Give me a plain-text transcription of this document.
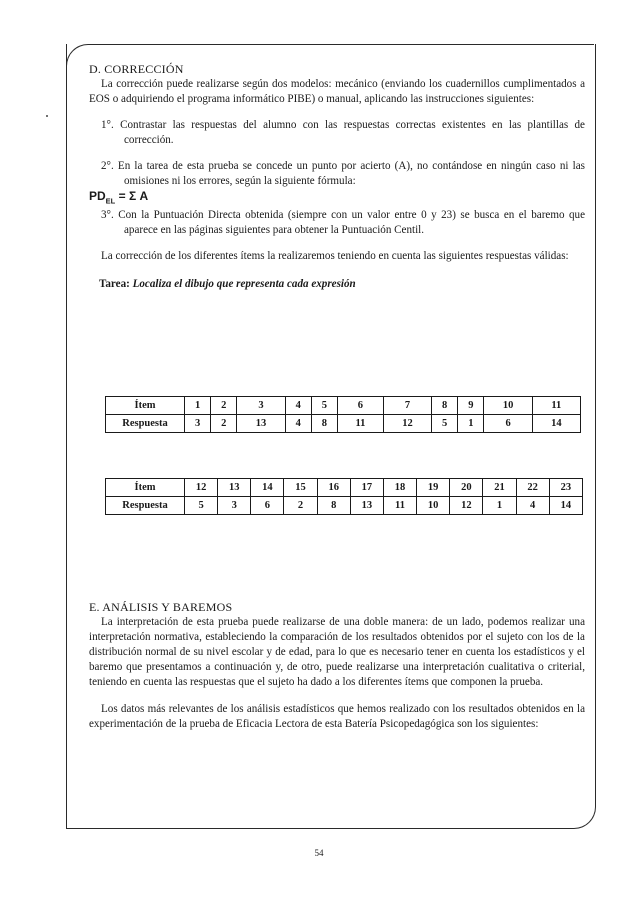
D. CORRECCIÓN

La corrección puede realizarse según dos modelos: mecánico (enviando los cuadernillos cumplimentados a EOS o adquiriendo el programa informático PIBE) o manual, aplicando las instrucciones siguientes:

1°. Contrastar las respuestas del alumno con las respuestas correctas existentes en las plantillas de corrección.

2°. En la tarea de esta prueba se concede un punto por acierto (A), no contándose en ningún caso ni las omisiones ni los errores, según la siguiente fórmula:

$PD_{EL} = \Sigma$ A

3°. Con la Puntuación Directa obtenida (siempre con un valor entre 0 y 23) se busca en el baremo que aparece en las páginas siguientes para obtener la Puntuación Centil.

La corrección de los diferentes ítems la realizaremos teniendo en cuenta las siguientes respuestas válidas:

Tarea: Localiza el dibujo que representa cada expresión

Ítem	1	2	3	4	5	6	7	8	9	10	11
Respuesta	3	2	13	4	8	11	12	5	1	6	14
Ítem	12	13	14	15	16	17	18	19	20	21	22	23
Respuesta	5	3	6	2	8	13	11	10	12	1	4	14

E. ANÁLISIS Y BAREMOS

La interpretación de esta prueba puede realizarse de una doble manera: de un lado, podemos realizar una interpretación normativa, estableciendo la comparación de los resultados obtenidos por el sujeto con los de la distribución normal de su nivel escolar y de edad, para lo que es necesario tener en cuenta los estadísticos y el baremo que presentamos a continuación y, de otro, puede realizarse una interpretación cualitativa o criterial, teniendo en cuenta las respuestas que el sujeto ha dado a los diferentes ítems que componen la prueba.

Los datos más relevantes de los análisis estadísticos que hemos realizado con los resultados obtenidos en la experimentación de la prueba de Eficacia Lectora de esta Batería Psicopedagógica son los siguientes:

54
